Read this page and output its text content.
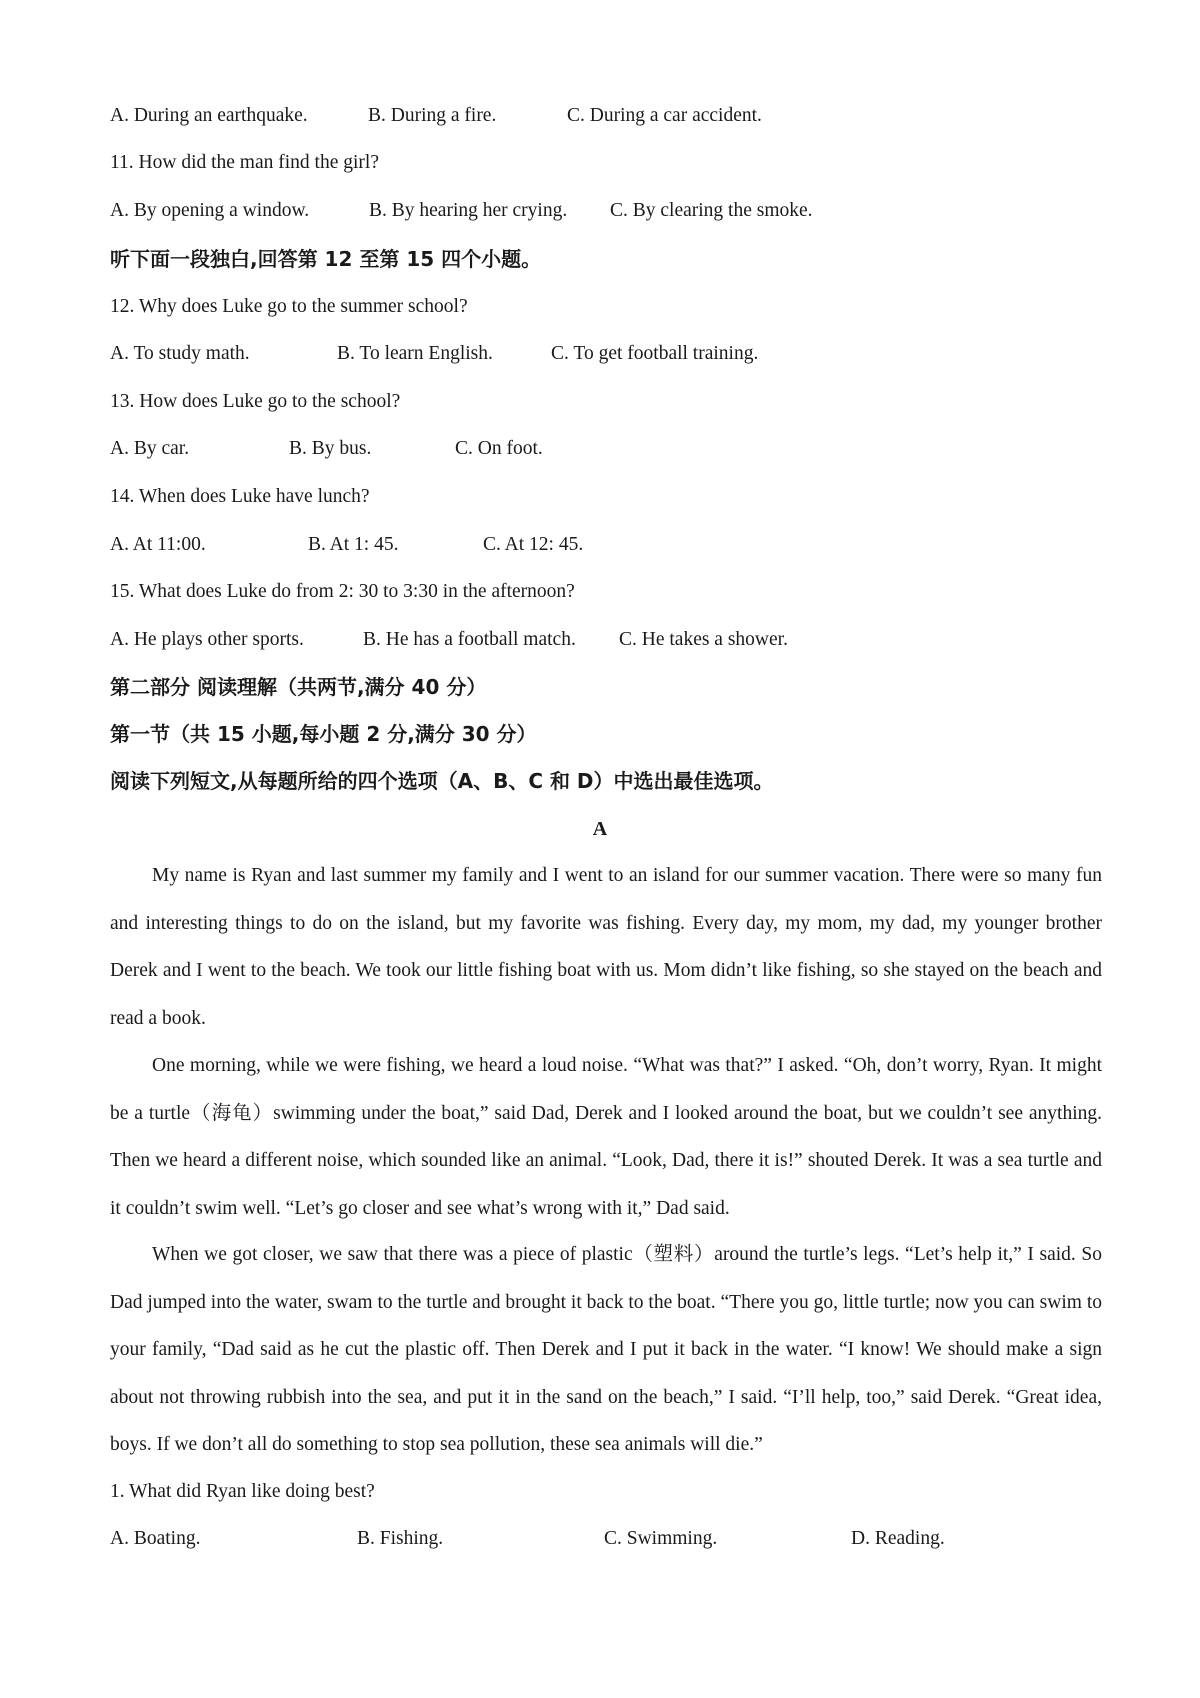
A. During an earthquake.	B. During a fire.	C. During a car accident.
11. How did the man find the girl?
A. By opening a window.	B. By hearing her crying. C. By clearing the smoke.
听下面一段独白,回答第 12 至第 15 四个小题。
12. Why does Luke go to the summer school?
A. To study math.	B. To learn English.	C. To get football training.
13. How does Luke go to the school?
A. By car.	B. By bus.	C. On foot.
14. When does Luke have lunch?
A. At 11:00.	B. At 1: 45.	C. At 12: 45.
15. What does Luke do from 2: 30 to 3:30 in the afternoon?
A. He plays other sports.	B. He has a football match. C. He takes a shower.
第二部分 阅读理解（共两节,满分 40 分）
第一节（共 15 小题,每小题 2 分,满分 30 分）
阅读下列短文,从每题所给的四个选项（A、B、C 和 D）中选出最佳选项。
A

My name is Ryan and last summer my family and I went to an island for our summer vacation. There were so many fun and interesting things to do on the island, but my favorite was fishing. Every day, my mom, my dad, my younger brother Derek and I went to the beach. We took our little fishing boat with us. Mom didn’t like fishing, so she stayed on the beach and read a book.

One morning, while we were fishing, we heard a loud noise. “What was that?” I asked. “Oh, don’t worry, Ryan. It might be a turtle（海龟）swimming under the boat,” said Dad, Derek and I looked around the boat, but we couldn’t see anything. Then we heard a different noise, which sounded like an animal. “Look, Dad, there it is!” shouted Derek. It was a sea turtle and it couldn’t swim well. “Let’s go closer and see what’s wrong with it,” Dad said.

When we got closer, we saw that there was a piece of plastic（塑料）around the turtle’s legs. “Let’s help it,” I said. So Dad jumped into the water, swam to the turtle and brought it back to the boat. “There you go, little turtle; now you can swim to your family, “Dad said as he cut the plastic off. Then Derek and I put it back in the water. “I know! We should make a sign about not throwing rubbish into the sea, and put it in the sand on the beach,” I said. “I’ll help, too,” said Derek. “Great idea, boys. If we don’t all do something to stop sea pollution, these sea animals will die.”

1. What did Ryan like doing best?
A. Boating.	B. Fishing.	C. Swimming.	D. Reading.
